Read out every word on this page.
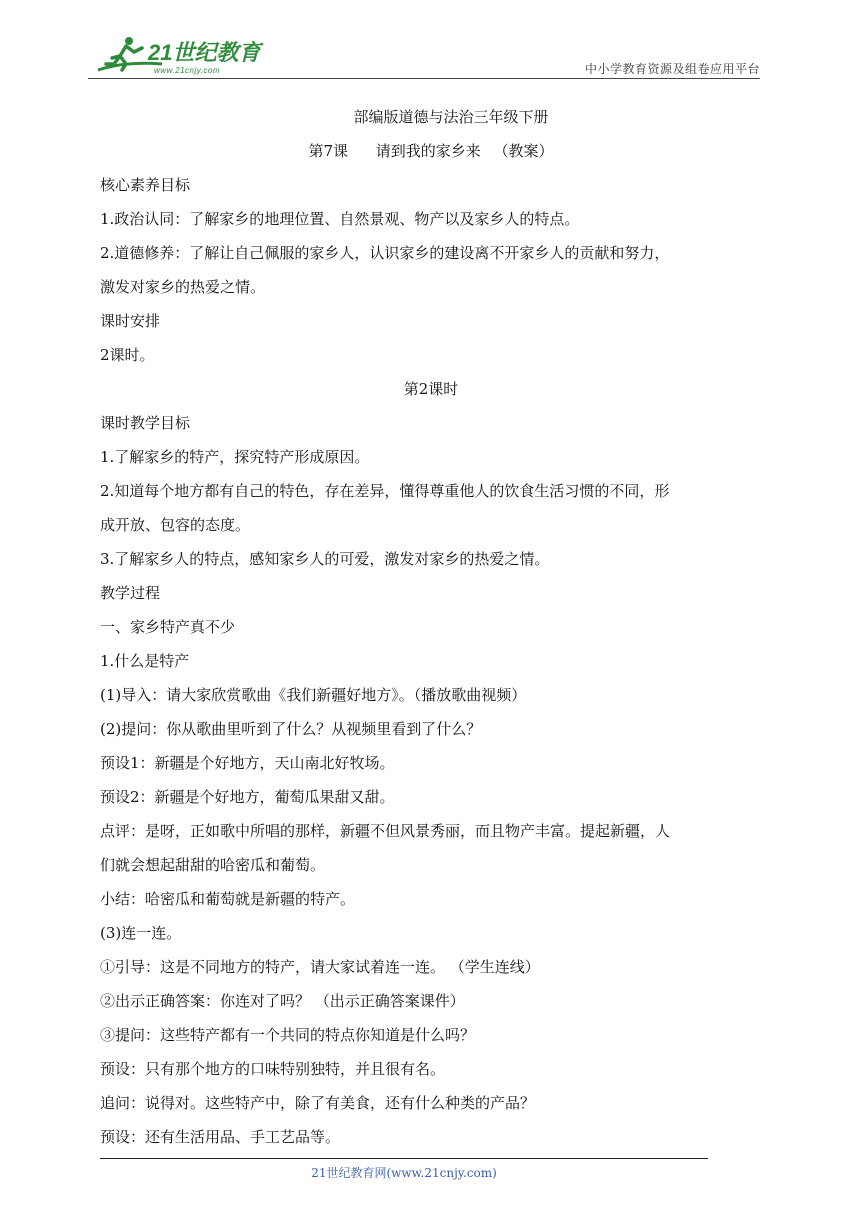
21世纪教育
www.21cnjy.com	中小学教育资源及组卷应用平台

部编版道德与法治三年级下册

第7课　 请到我的家乡来 （教案）

核心素养目标

1.政治认同：了解家乡的地理位置、自然景观、物产以及家乡人的特点。

2.道德修养：了解让自己佩服的家乡人，认识家乡的建设离不开家乡人的贡献和努力，

激发对家乡的热爱之情。

课时安排

2课时。

第2课时

课时教学目标

1.了解家乡的特产，探究特产形成原因。

2.知道每个地方都有自己的特色，存在差异，懂得尊重他人的饮食生活习惯的不同，形

成开放、包容的态度。

3.了解家乡人的特点，感知家乡人的可爱，激发对家乡的热爱之情。

教学过程

一、家乡特产真不少

1.什么是特产

(1)导入：请大家欣赏歌曲《我们新疆好地方》。（播放歌曲视频）

(2)提问：你从歌曲里听到了什么？从视频里看到了什么？

预设1：新疆是个好地方，天山南北好牧场。

预设2：新疆是个好地方，葡萄瓜果甜又甜。

点评：是呀，正如歌中所唱的那样，新疆不但风景秀丽，而且物产丰富。提起新疆，人

们就会想起甜甜的哈密瓜和葡萄。

小结：哈密瓜和葡萄就是新疆的特产。

(3)连一连。

①引导：这是不同地方的特产，请大家试着连一连。 （学生连线）

②出示正确答案：你连对了吗？ （出示正确答案课件）

③提问：这些特产都有一个共同的特点你知道是什么吗？

预设：只有那个地方的口味特别独特，并且很有名。

追问：说得对。这些特产中，除了有美食，还有什么种类的产品？

预设：还有生活用品、手工艺品等。

21世纪教育网(www.21cnjy.com)
